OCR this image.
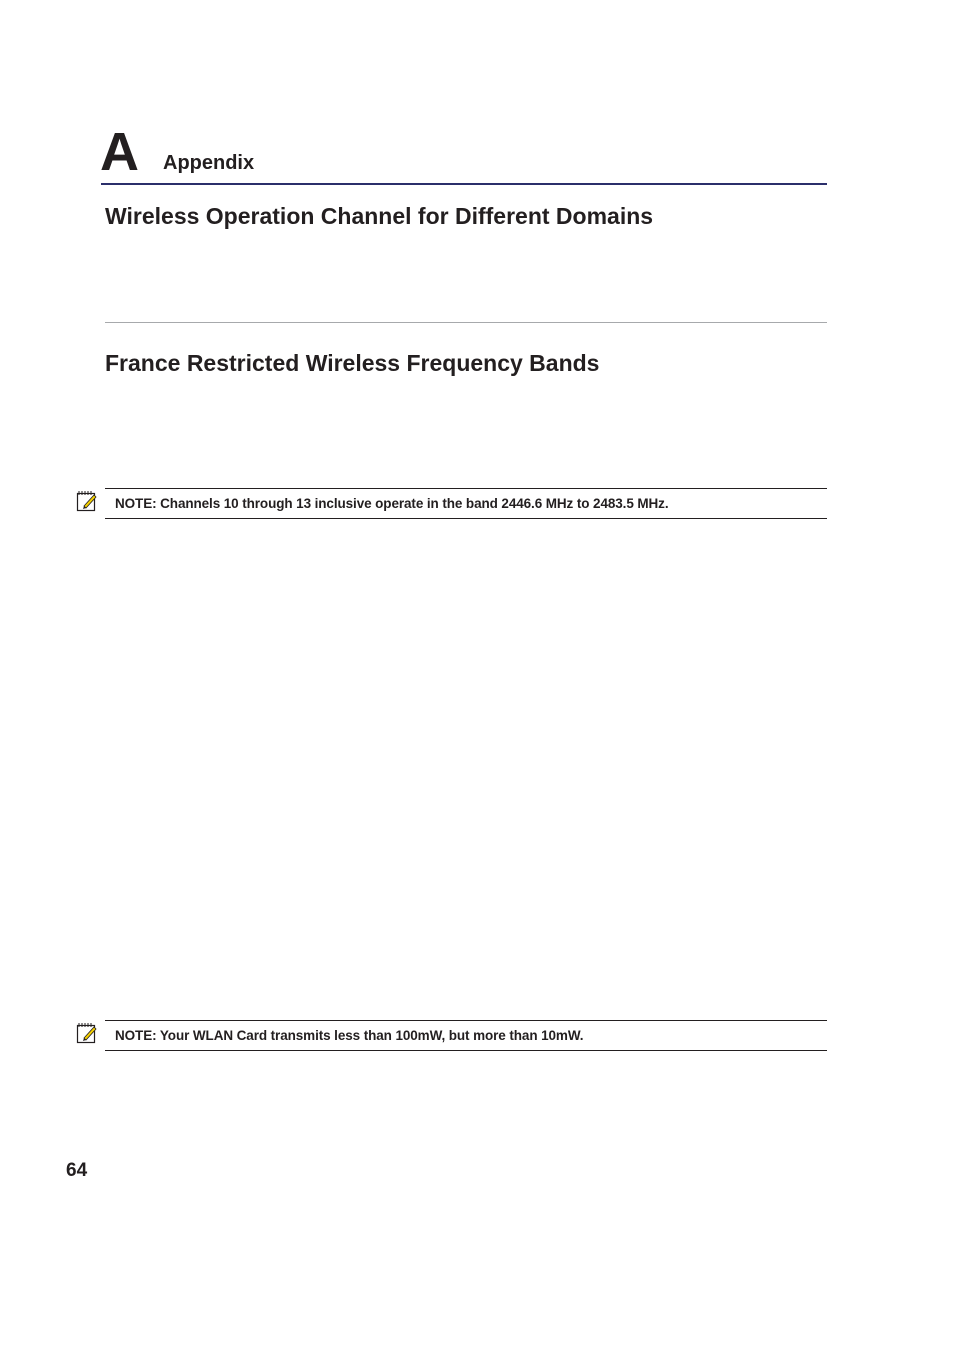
A Appendix
Wireless Operation Channel for Different Domains
France Restricted Wireless Frequency Bands
NOTE: Channels 10 through 13 inclusive operate in the band 2446.6 MHz to 2483.5 MHz.
NOTE: Your WLAN Card transmits less than 100mW, but more than 10mW.
64
